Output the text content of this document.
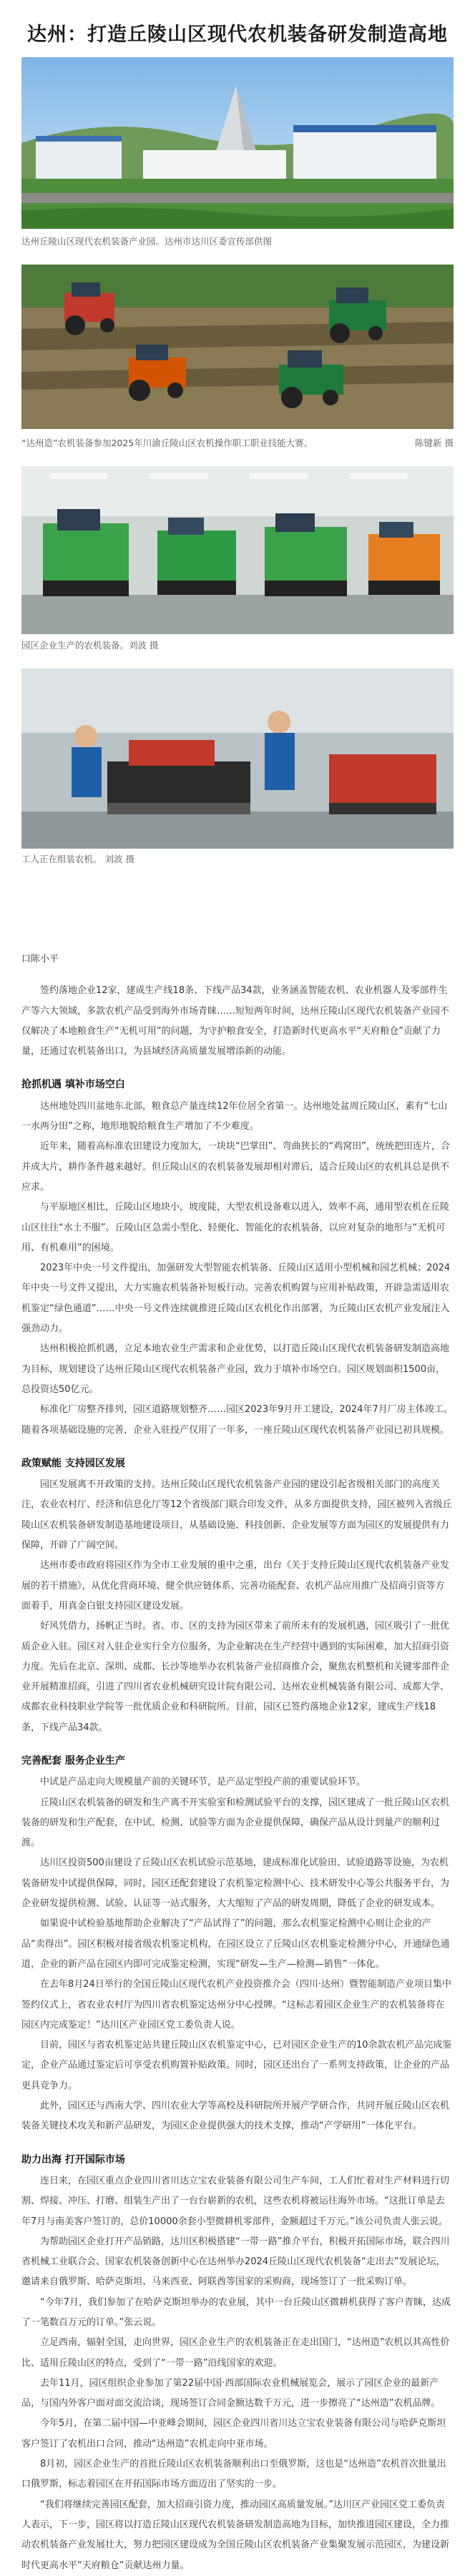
达州：打造丘陵山区现代农机装备研发制造高地
达州丘陵山区现代农机装备产业园。达州市达川区委宣传部供图
“达州造”农机装备参加2025年川渝丘陵山区农机操作职工职业技能大赛。	陈键新 摄
园区企业生产的农机装备。刘波 摄
工人正在组装农机。 刘波 摄

口陈小平

签约落地企业12家，建成生产线18条、下线产品34款，业务涵盖智能农机、农业机器人及零部件生产等六大领域，多款农机产品受到海外市场青睐……短短两年时间，达州丘陵山区现代农机装备产业园不仅解决了本地粮食生产“无机可用”的问题，为守护粮食安全，打造新时代更高水平“天府粮仓”贡献了力量，还通过农机装备出口，为县域经济高质量发展增添新的动能。

抢抓机遇 填补市场空白

达州地处四川盆地东北部，粮食总产量连续12年位居全省第一。达州地处盆周丘陵山区，素有“七山一水两分田”之称，地形地貌给粮食生产增加了不少难度。

近年来，随着高标准农田建设力度加大，一块块“巴掌田”、弯曲狭长的“鸡窝田”，统统把田连片，合并成大片，耕作条件越来越好。但丘陵山区的农机装备发展却相对滞后，适合丘陵山区的农机具总是供不应求。

与平原地区相比，丘陵山区地块小，坡度陡，大型农机设备难以进入，效率不高，通用型农机在丘陵山区往往“水土不服”。丘陵山区急需小型化、轻便化、智能化的农机装备，以应对复杂的地形与“无机可用、有机难用”的困境。

2023年中央一号文件提出，加强研发大型智能农机装备、丘陵山区适用小型机械和园艺机械；2024年中央一号文件又提出，大力实施农机装备补短板行动。完善农机购置与应用补贴政策，开辟急需适用农机鉴定“绿色通道”……中央一号文件连续就推进丘陵山区农机化作出部署，为丘陵山区农机产业发展注入强劲动力。

达州积极抢抓机遇，立足本地农业生产需求和企业优势，以打造丘陵山区现代农机装备研发制造高地为目标，规划建设了达州丘陵山区现代农机装备产业园，致力于填补市场空白。园区规划面积1500亩，总投资达50亿元。

标准化厂房整齐排列，园区道路规划整齐……园区2023年9月开工建设，2024年7月厂房主体竣工。随着各项基础设施的完善，企业入驻投产仅用了一年多，一座丘陵山区现代农机装备产业园已初具规模。

政策赋能 支持园区发展

园区发展离不开政策的支持。达州丘陵山区现代农机装备产业园的建设引起省级相关部门的高度关注，农业农村厅、经济和信息化厅等12个省级部门联合印发文件，从多方面提供支持，园区被列入省级丘陵山区农机装备研发制造基地建设项目，从基础设施、科技创新、企业发展等方面为园区的发展提供有力保障，开辟了广阔空间。

达州市委市政府将园区作为全市工业发展的重中之重，出台《关于支持丘陵山区现代农机装备产业发展的若干措施》，从优化营商环境、健全供应链体系、完善功能配套、农机产品应用推广及招商引资等方面着手，用真金白银支持园区建设发展。

好风凭借力，扬帆正当时。省、市、区的支持为园区带来了前所未有的发展机遇，园区吸引了一批优质企业入驻。园区对入驻企业实行全方位服务，为企业解决在生产经营中遇到的实际困难，加大招商引资力度。先后在北京、深圳、成都、长沙等地举办农机装备产业招商推介会，聚焦农机整机和关键零部件企业开展精准招商，引进了四川省农业机械研究设计院有限公司、达州农业机械装备有限公司、成都大学、成都农业科技职业学院等一批优质企业和科研院所。目前，园区已签约落地企业12家，建成生产线18条，下线产品34款。

完善配套 服务企业生产

中试是产品走向大规模量产前的关键环节，是产品定型投产前的重要试验环节。

丘陵山区农机装备的研发和生产离不开实验室和检测试验平台的支撑，园区建成了一批丘陵山区农机装备的研发和生产配套，在中试、检测、试验等方面为企业提供保障，确保产品从设计到量产的顺利过渡。

达川区投资500亩建设了丘陵山区农机试验示范基地，建成标准化试验田、试验道路等设施，为农机装备研发中试提供保障，同时，园区还配套建设了农机鉴定检测中心、技术研发中心等公共服务平台，为企业研发提供检测、试验、认证等一站式服务，大大缩短了产品的研发周期，降低了企业的研发成本。

如果说中试检验基地帮助企业解决了“产品试得了”的问题，那么农机鉴定检测中心则让企业的产品“卖得出”。园区积极对接省级农机鉴定机构，在园区设立了丘陵山区农机鉴定检测分中心，开通绿色通道，企业的新产品在园区内即可完成鉴定检测，实现“研发—生产—检测—销售”一体化。

在去年8月24日举行的全国丘陵山区现代农机产业投资推介会（四川·达州）暨智能制造产业项目集中签约仪式上，省农业农村厅为四川省农机鉴定达州分中心授牌。“这标志着园区企业生产的农机装备将在园区内完成鉴定！”达川区产业园区党工委负责人说。

目前，园区与省农机鉴定站共建丘陵山区农机鉴定中心，已对园区企业生产的10余款农机产品完成鉴定，企业产品通过鉴定后可享受农机购置补贴政策。同时，园区还出台了一系列支持政策，让企业的产品更具竞争力。

此外，园区还与西南大学、四川农业大学等高校及科研院所开展产学研合作，共同开展丘陵山区农机装备关键技术攻关和新产品研发，为园区企业提供强大的技术支撑，推动“产学研用”一体化平台。

助力出海 打开国际市场

连日来，在园区重点企业四川省川达立宝农业装备有限公司生产车间，工人们忙着对生产材料进行切割、焊接、冲压、打磨、组装生产出了一台台崭新的农机，这些农机将被运往海外市场。“这批订单是去年7月与南美客户签订的，总价10000余套小型微耕机零部件，金额超过千万元。”该公司负责人张云说。

为帮助园区企业打开产品销路，达川区积极搭建“一带一路”推介平台，积极开拓国际市场，联合四川省机械工业联合会、国家农机装备创新中心在达州举办2024丘陵山区现代农机装备“走出去”发展论坛，邀请来自俄罗斯、哈萨克斯坦、马来西亚、阿联酋等国家的采购商，现场签订了一批采购订单。

“今年7月，我们参加了在哈萨克斯坦举办的农业展，其中一台丘陵山区微耕机获得了客户青睐，达成了一笔数百万元的订单。”张云说。

立足西南，辐射全国，走向世界，园区企业生产的农机装备正在走出国门，“达州造”农机以其高性价比、适用丘陵山区的特点，受到了“一带一路”沿线国家的欢迎。

去年11月，园区组织企业参加了第22届中国·西部国际农业机械展览会，展示了园区企业的最新产品，与国内外客户面对面交流洽谈，现场签订合同金额达数千万元，进一步擦亮了“达州造”农机品牌。

今年5月，在第二届中国—中亚峰会期间，园区企业四川省川达立宝农业装备有限公司与哈萨克斯坦客户签订了农机出口合同，推动“达州造”农机走向中亚市场。

8月初，园区企业生产的首批丘陵山区农机装备顺利出口至俄罗斯，这也是“达州造”农机首次批量出口俄罗斯，标志着园区在开拓国际市场方面迈出了坚实的一步。

“我们将继续完善园区配套，加大招商引资力度，推动园区高质量发展。”达川区产业园区党工委负责人表示，下一步，园区将以打造丘陵山区现代农机装备研发制造高地为目标，加快推进园区建设，全力推动农机装备产业发展壮大，努力把园区建设成为全国丘陵山区农机装备产业集聚发展示范园区，为建设新时代更高水平“天府粮仓”贡献达州力量。
